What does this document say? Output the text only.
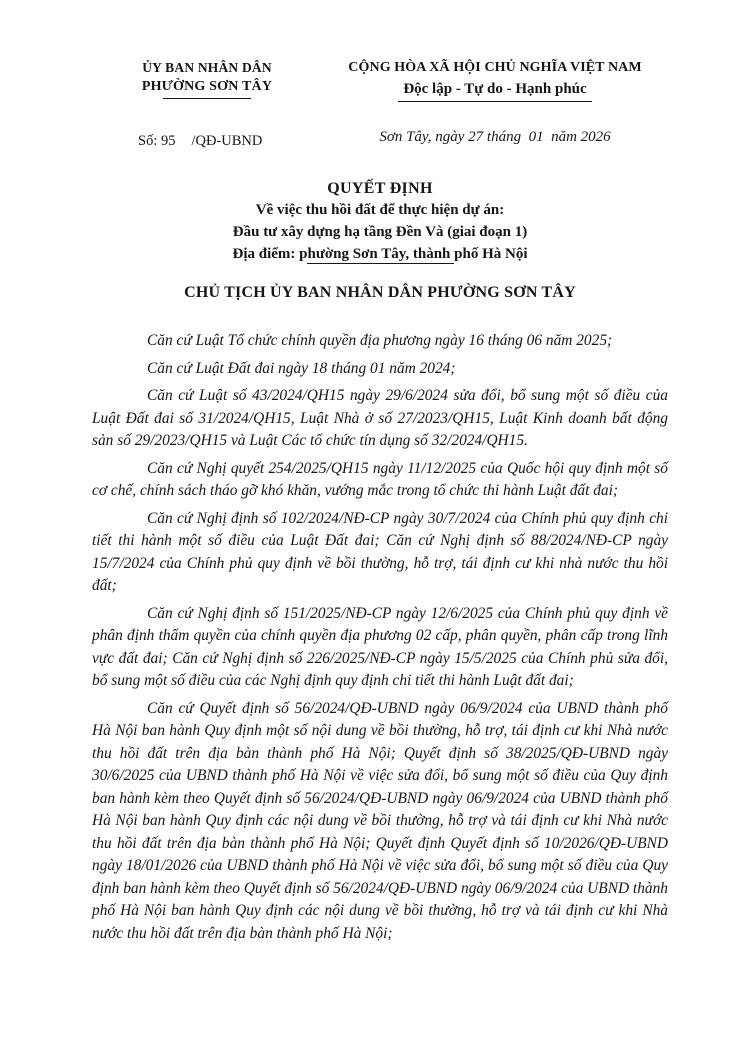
ỦY BAN NHÂN DÂN
PHƯỜNG SƠN TÂY
Số: 95 /QĐ-UBND
CỘNG HÒA XÃ HỘI CHỦ NGHĨA VIỆT NAM
Độc lập - Tự do - Hạnh phúc
Sơn Tây, ngày 27 tháng  01  năm 2026
QUYẾT ĐỊNH
Về việc thu hồi đất để thực hiện dự án:
Đầu tư xây dựng hạ tầng Đền Và (giai đoạn 1)
Địa điểm: phường Sơn Tây, thành phố Hà Nội
CHỦ TỊCH ỦY BAN NHÂN DÂN PHƯỜNG SƠN TÂY

Căn cứ Luật Tổ chức chính quyền địa phương ngày 16 tháng 06 năm 2025;

Căn cứ Luật Đất đai ngày 18 tháng 01 năm 2024;

Căn cứ Luật số 43/2024/QH15 ngày 29/6/2024 sửa đổi, bổ sung một số điều của Luật Đất đai số 31/2024/QH15, Luật Nhà ở số 27/2023/QH15, Luật Kinh doanh bất động sản số 29/2023/QH15 và Luật Các tổ chức tín dụng số 32/2024/QH15.

Căn cứ Nghị quyết 254/2025/QH15 ngày 11/12/2025 của Quốc hội quy định một số cơ chế, chính sách tháo gỡ khó khăn, vướng mắc trong tổ chức thi hành Luật đất đai;

Căn cứ Nghị định số 102/2024/NĐ-CP ngày 30/7/2024 của Chính phủ quy định chi tiết thi hành một số điều của Luật Đất đai; Căn cứ Nghị định số 88/2024/NĐ-CP ngày 15/7/2024 của Chính phủ quy định về bồi thường, hỗ trợ, tái định cư khi nhà nước thu hồi đất;

Căn cứ Nghị định số 151/2025/NĐ-CP ngày 12/6/2025 của Chính phủ quy định về phân định thẩm quyền của chính quyền địa phương 02 cấp, phân quyền, phân cấp trong lĩnh vực đất đai; Căn cứ Nghị định số 226/2025/NĐ-CP ngày 15/5/2025 của Chính phủ sửa đổi, bổ sung một số điều của các Nghị định quy định chi tiết thi hành Luật đất đai;

Căn cứ Quyết định số 56/2024/QĐ-UBND ngày 06/9/2024 của UBND thành phố Hà Nội ban hành Quy định một số nội dung về bồi thường, hỗ trợ, tái định cư khi Nhà nước thu hồi đất trên địa bàn thành phố Hà Nội; Quyết định số 38/2025/QĐ-UBND ngày 30/6/2025 của UBND thành phố Hà Nội về việc sửa đổi, bổ sung một số điều của Quy định ban hành kèm theo Quyết định số 56/2024/QĐ-UBND ngày 06/9/2024 của UBND thành phố Hà Nội ban hành Quy định các nội dung về bồi thường, hỗ trợ và tái định cư khi Nhà nước thu hồi đất trên địa bàn thành phố Hà Nội; Quyết định Quyết định số 10/2026/QĐ-UBND ngày 18/01/2026 của UBND thành phố Hà Nội về việc sửa đổi, bổ sung một số điều của Quy định ban hành kèm theo Quyết định số 56/2024/QĐ-UBND ngày 06/9/2024 của UBND thành phố Hà Nội ban hành Quy định các nội dung về bồi thường, hỗ trợ và tái định cư khi Nhà nước thu hồi đất trên địa bàn thành phố Hà Nội;
